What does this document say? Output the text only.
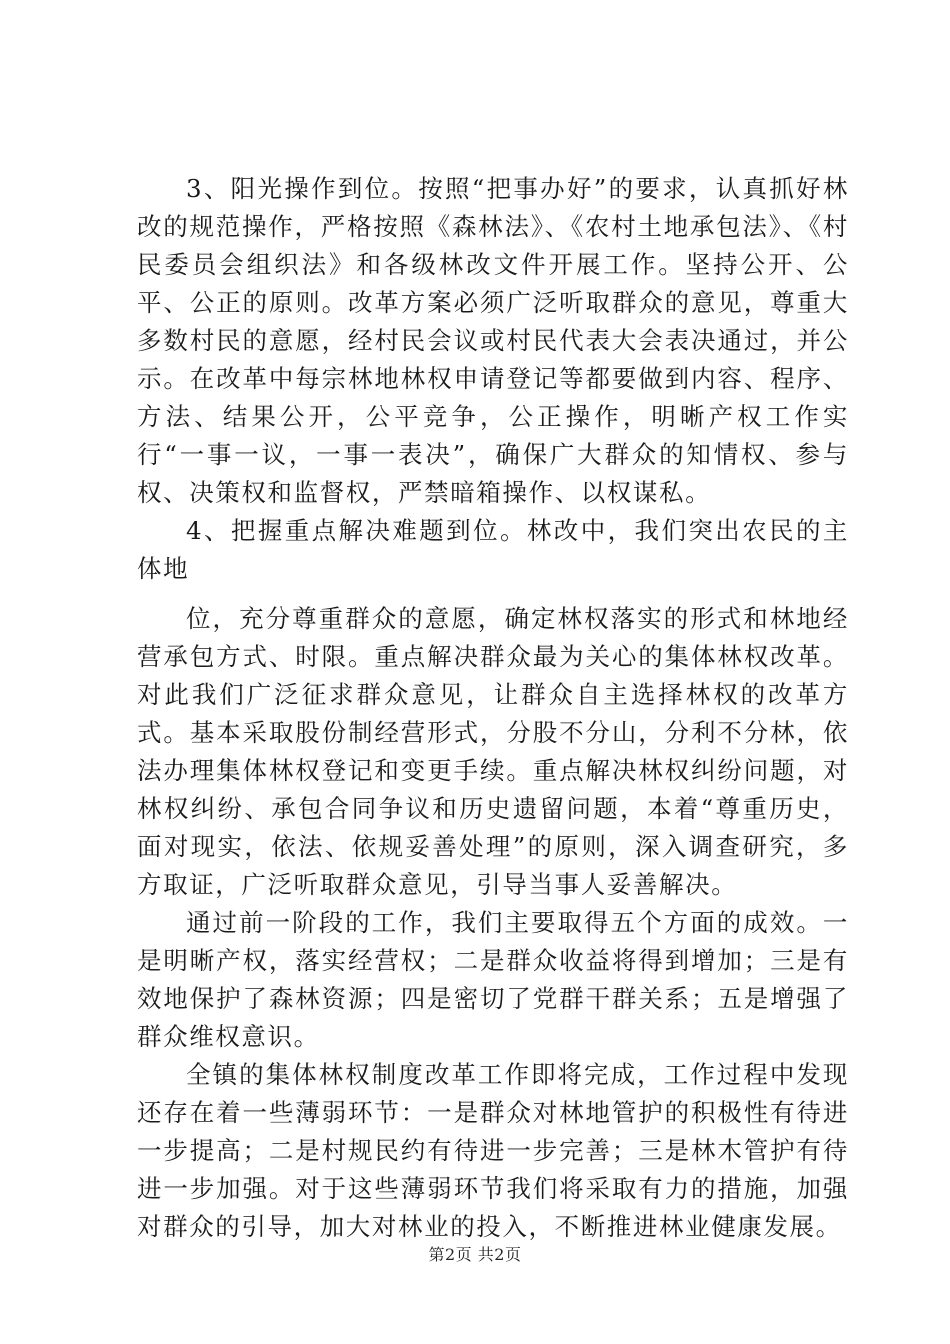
3、阳光操作到位。按照“把事办好”的要求，认真抓好林改的规范操作，严格按照《森林法》、《农村土地承包法》、《村民委员会组织法》和各级林改文件开展工作。坚持公开、公平、公正的原则。改革方案必须广泛听取群众的意见，尊重大多数村民的意愿，经村民会议或村民代表大会表决通过，并公示。在改革中每宗林地林权申请登记等都要做到内容、程序、方法、结果公开，公平竞争，公正操作，明晰产权工作实行“一事一议，一事一表决”，确保广大群众的知情权、参与权、决策权和监督权，严禁暗箱操作、以权谋私。

4、把握重点解决难题到位。林改中，我们突出农民的主体地

位，充分尊重群众的意愿，确定林权落实的形式和林地经营承包方式、时限。重点解决群众最为关心的集体林权改革。对此我们广泛征求群众意见，让群众自主选择林权的改革方式。基本采取股份制经营形式，分股不分山，分利不分林，依法办理集体林权登记和变更手续。重点解决林权纠纷问题，对林权纠纷、承包合同争议和历史遗留问题，本着“尊重历史，面对现实，依法、依规妥善处理”的原则，深入调查研究，多方取证，广泛听取群众意见，引导当事人妥善解决。

通过前一阶段的工作，我们主要取得五个方面的成效。一是明晰产权，落实经营权；二是群众收益将得到增加；三是有效地保护了森林资源；四是密切了党群干群关系；五是增强了群众维权意识。

全镇的集体林权制度改革工作即将完成，工作过程中发现还存在着一些薄弱环节：一是群众对林地管护的积极性有待进一步提高；二是村规民约有待进一步完善；三是林木管护有待进一步加强。对于这些薄弱环节我们将采取有力的措施，加强对群众的引导，加大对林业的投入，不断推进林业健康发展。

第2页 共2页
